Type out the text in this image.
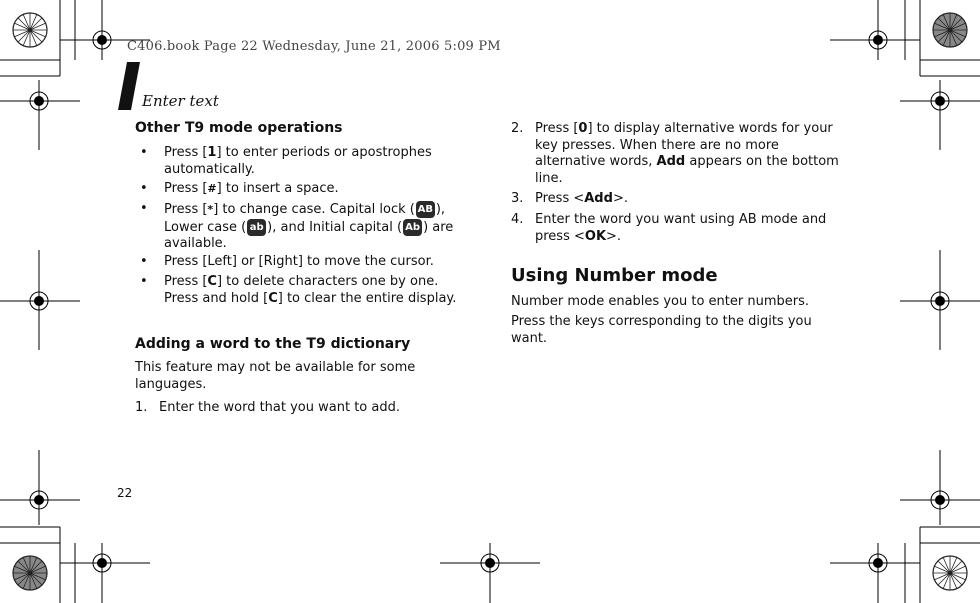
C406.book Page 22 Wednesday, June 21, 2006 5:09 PM
Enter text
Other T9 mode operations
• Press [1] to enter periods or apostrophes automatically.
• Press [#] to insert a space.
• Press [*] to change case. Capital lock ( AB ), Lower case ( ab ), and Initial capital ( Ab ) are available.
• Press [Left] or [Right] to move the cursor.
• Press [C] to delete characters one by one. Press and hold [C] to clear the entire display.
Adding a word to the T9 dictionary
This feature may not be available for some languages.
1. Enter the word that you want to add.
2. Press [0] to display alternative words for your key presses. When there are no more alternative words, Add appears on the bottom line.
3. Press <Add>.
4. Enter the word you want using AB mode and press <OK>.
Using Number mode
Number mode enables you to enter numbers.
Press the keys corresponding to the digits you want.
22
